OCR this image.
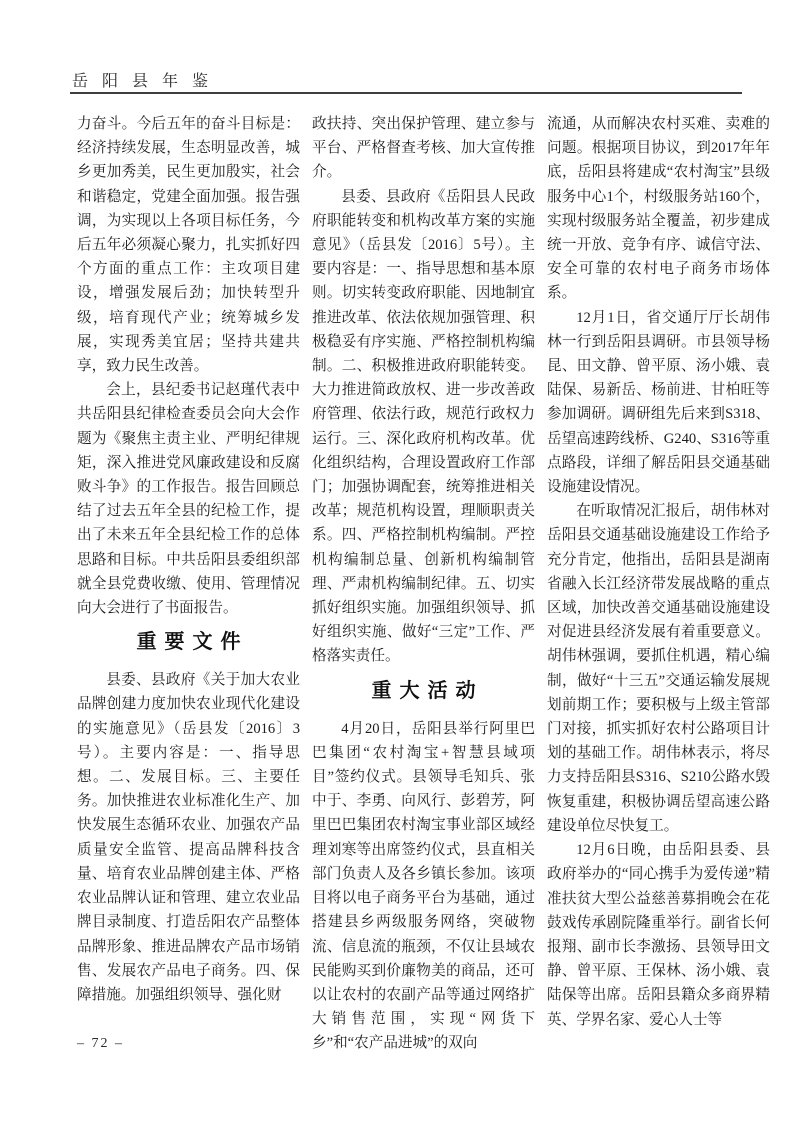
岳阳县年鉴

力奋斗。今后五年的奋斗目标是：经济持续发展，生态明显改善，城乡更加秀美，民生更加殷实，社会和谐稳定，党建全面加强。报告强调，为实现以上各项目标任务，今后五年必须凝心聚力，扎实抓好四个方面的重点工作：主攻项目建设，增强发展后劲；加快转型升级，培育现代产业；统筹城乡发展，实现秀美宜居；坚持共建共享，致力民生改善。

会上，县纪委书记赵瑾代表中共岳阳县纪律检查委员会向大会作题为《聚焦主责主业、严明纪律规矩，深入推进党风廉政建设和反腐败斗争》的工作报告。报告回顾总结了过去五年全县的纪检工作，提出了未来五年全县纪检工作的总体思路和目标。中共岳阳县委组织部就全县党费收缴、使用、管理情况向大会进行了书面报告。

重要文件

县委、县政府《关于加大农业品牌创建力度加快农业现代化建设的实施意见》（岳县发〔2016〕3号）。主要内容是：一、指导思想。二、发展目标。三、主要任务。加快推进农业标准化生产、加快发展生态循环农业、加强农产品质量安全监管、提高品牌科技含量、培育农业品牌创建主体、严格农业品牌认证和管理、建立农业品牌目录制度、打造岳阳农产品整体品牌形象、推进品牌农产品市场销售、发展农产品电子商务。四、保障措施。加强组织领导、强化财

政扶持、突出保护管理、建立参与平台、严格督查考核、加大宣传推介。

县委、县政府《岳阳县人民政府职能转变和机构改革方案的实施意见》（岳县发〔2016〕5号）。主要内容是：一、指导思想和基本原则。切实转变政府职能、因地制宜推进改革、依法依规加强管理、积极稳妥有序实施、严格控制机构编制。二、积极推进政府职能转变。大力推进简政放权、进一步改善政府管理、依法行政，规范行政权力运行。三、深化政府机构改革。优化组织结构，合理设置政府工作部门；加强协调配套，统筹推进相关改革；规范机构设置，理顺职责关系。四、严格控制机构编制。严控机构编制总量、创新机构编制管理、严肃机构编制纪律。五、切实抓好组织实施。加强组织领导、抓好组织实施、做好“三定”工作、严格落实责任。

重大活动

4月20日，岳阳县举行阿里巴巴集团“农村淘宝+智慧县域项目”签约仪式。县领导毛知兵、张中于、李勇、向风行、彭碧芳，阿里巴巴集团农村淘宝事业部区域经理刘寒等出席签约仪式，县直相关部门负责人及各乡镇长参加。该项目将以电子商务平台为基础，通过搭建县乡两级服务网络，突破物流、信息流的瓶颈，不仅让县域农民能购买到价廉物美的商品，还可以让农村的农副产品等通过网络扩大销售范围，实现“网货下乡”和“农产品进城”的双向

流通，从而解决农村买难、卖难的问题。根据项目协议，到2017年年底，岳阳县将建成“农村淘宝”县级服务中心1个，村级服务站160个，实现村级服务站全覆盖，初步建成统一开放、竞争有序、诚信守法、安全可靠的农村电子商务市场体系。

12月1日，省交通厅厅长胡伟林一行到岳阳县调研。市县领导杨昆、田文静、曾平原、汤小娥、袁陆保、易新岳、杨前进、甘柏旺等参加调研。调研组先后来到S318、岳望高速跨线桥、G240、S316等重点路段，详细了解岳阳县交通基础设施建设情况。

在听取情况汇报后，胡伟林对岳阳县交通基础设施建设工作给予充分肯定，他指出，岳阳县是湖南省融入长江经济带发展战略的重点区域，加快改善交通基础设施建设对促进县经济发展有着重要意义。胡伟林强调，要抓住机遇，精心编制，做好“十三五”交通运输发展规划前期工作；要积极与上级主管部门对接，抓实抓好农村公路项目计划的基础工作。胡伟林表示，将尽力支持岳阳县S316、S210公路水毁恢复重建，积极协调岳望高速公路建设单位尽快复工。

12月6日晚，由岳阳县委、县政府举办的“同心携手为爱传递”精准扶贫大型公益慈善募捐晚会在花鼓戏传承剧院隆重举行。副省长何报翔、副市长李激扬、县领导田文静、曾平原、王保林、汤小娥、袁陆保等出席。岳阳县籍众多商界精英、学界名家、爱心人士等

– 72 –
